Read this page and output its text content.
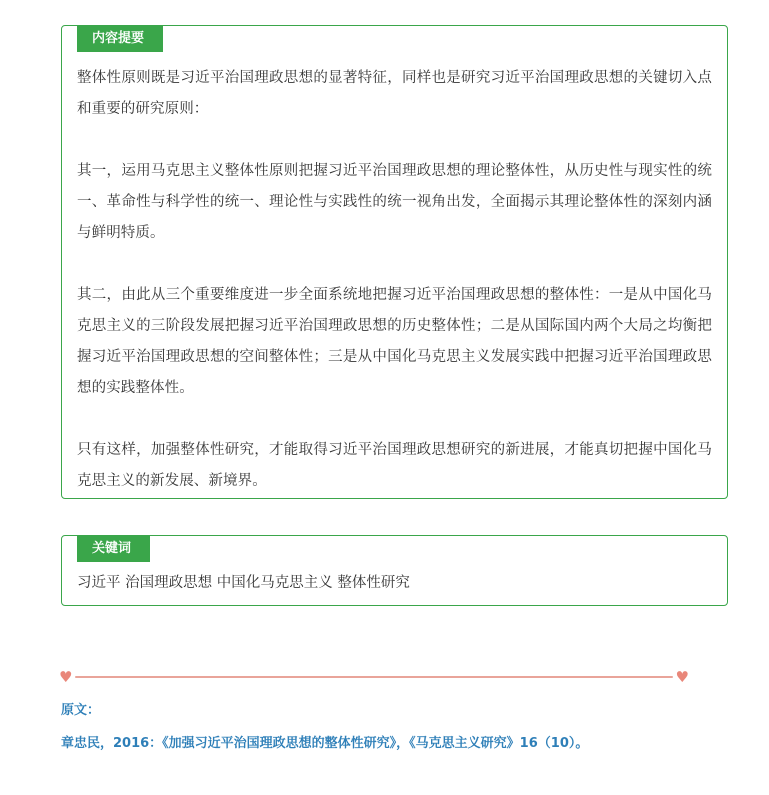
内容提要

整体性原则既是习近平治国理政思想的显著特征，同样也是研究习近平治国理政思想的关键切入点和重要的研究原则：

其一，运用马克思主义整体性原则把握习近平治国理政思想的理论整体性，从历史性与现实性的统一、革命性与科学性的统一、理论性与实践性的统一视角出发，全面揭示其理论整体性的深刻内涵与鲜明特质。

其二，由此从三个重要维度进一步全面系统地把握习近平治国理政思想的整体性：一是从中国化马克思主义的三阶段发展把握习近平治国理政思想的历史整体性；二是从国际国内两个大局之均衡把握习近平治国理政思想的空间整体性；三是从中国化马克思主义发展实践中把握习近平治国理政思想的实践整体性。

只有这样，加强整体性研究，才能取得习近平治国理政思想研究的新进展，才能真切把握中国化马克思主义的新发展、新境界。

关键词
习近平 治国理政思想 中国化马克思主义 整体性研究
♥	♥
原文：
章忠民，2016：《加强习近平治国理政思想的整体性研究》，《马克思主义研究》16（10）。
